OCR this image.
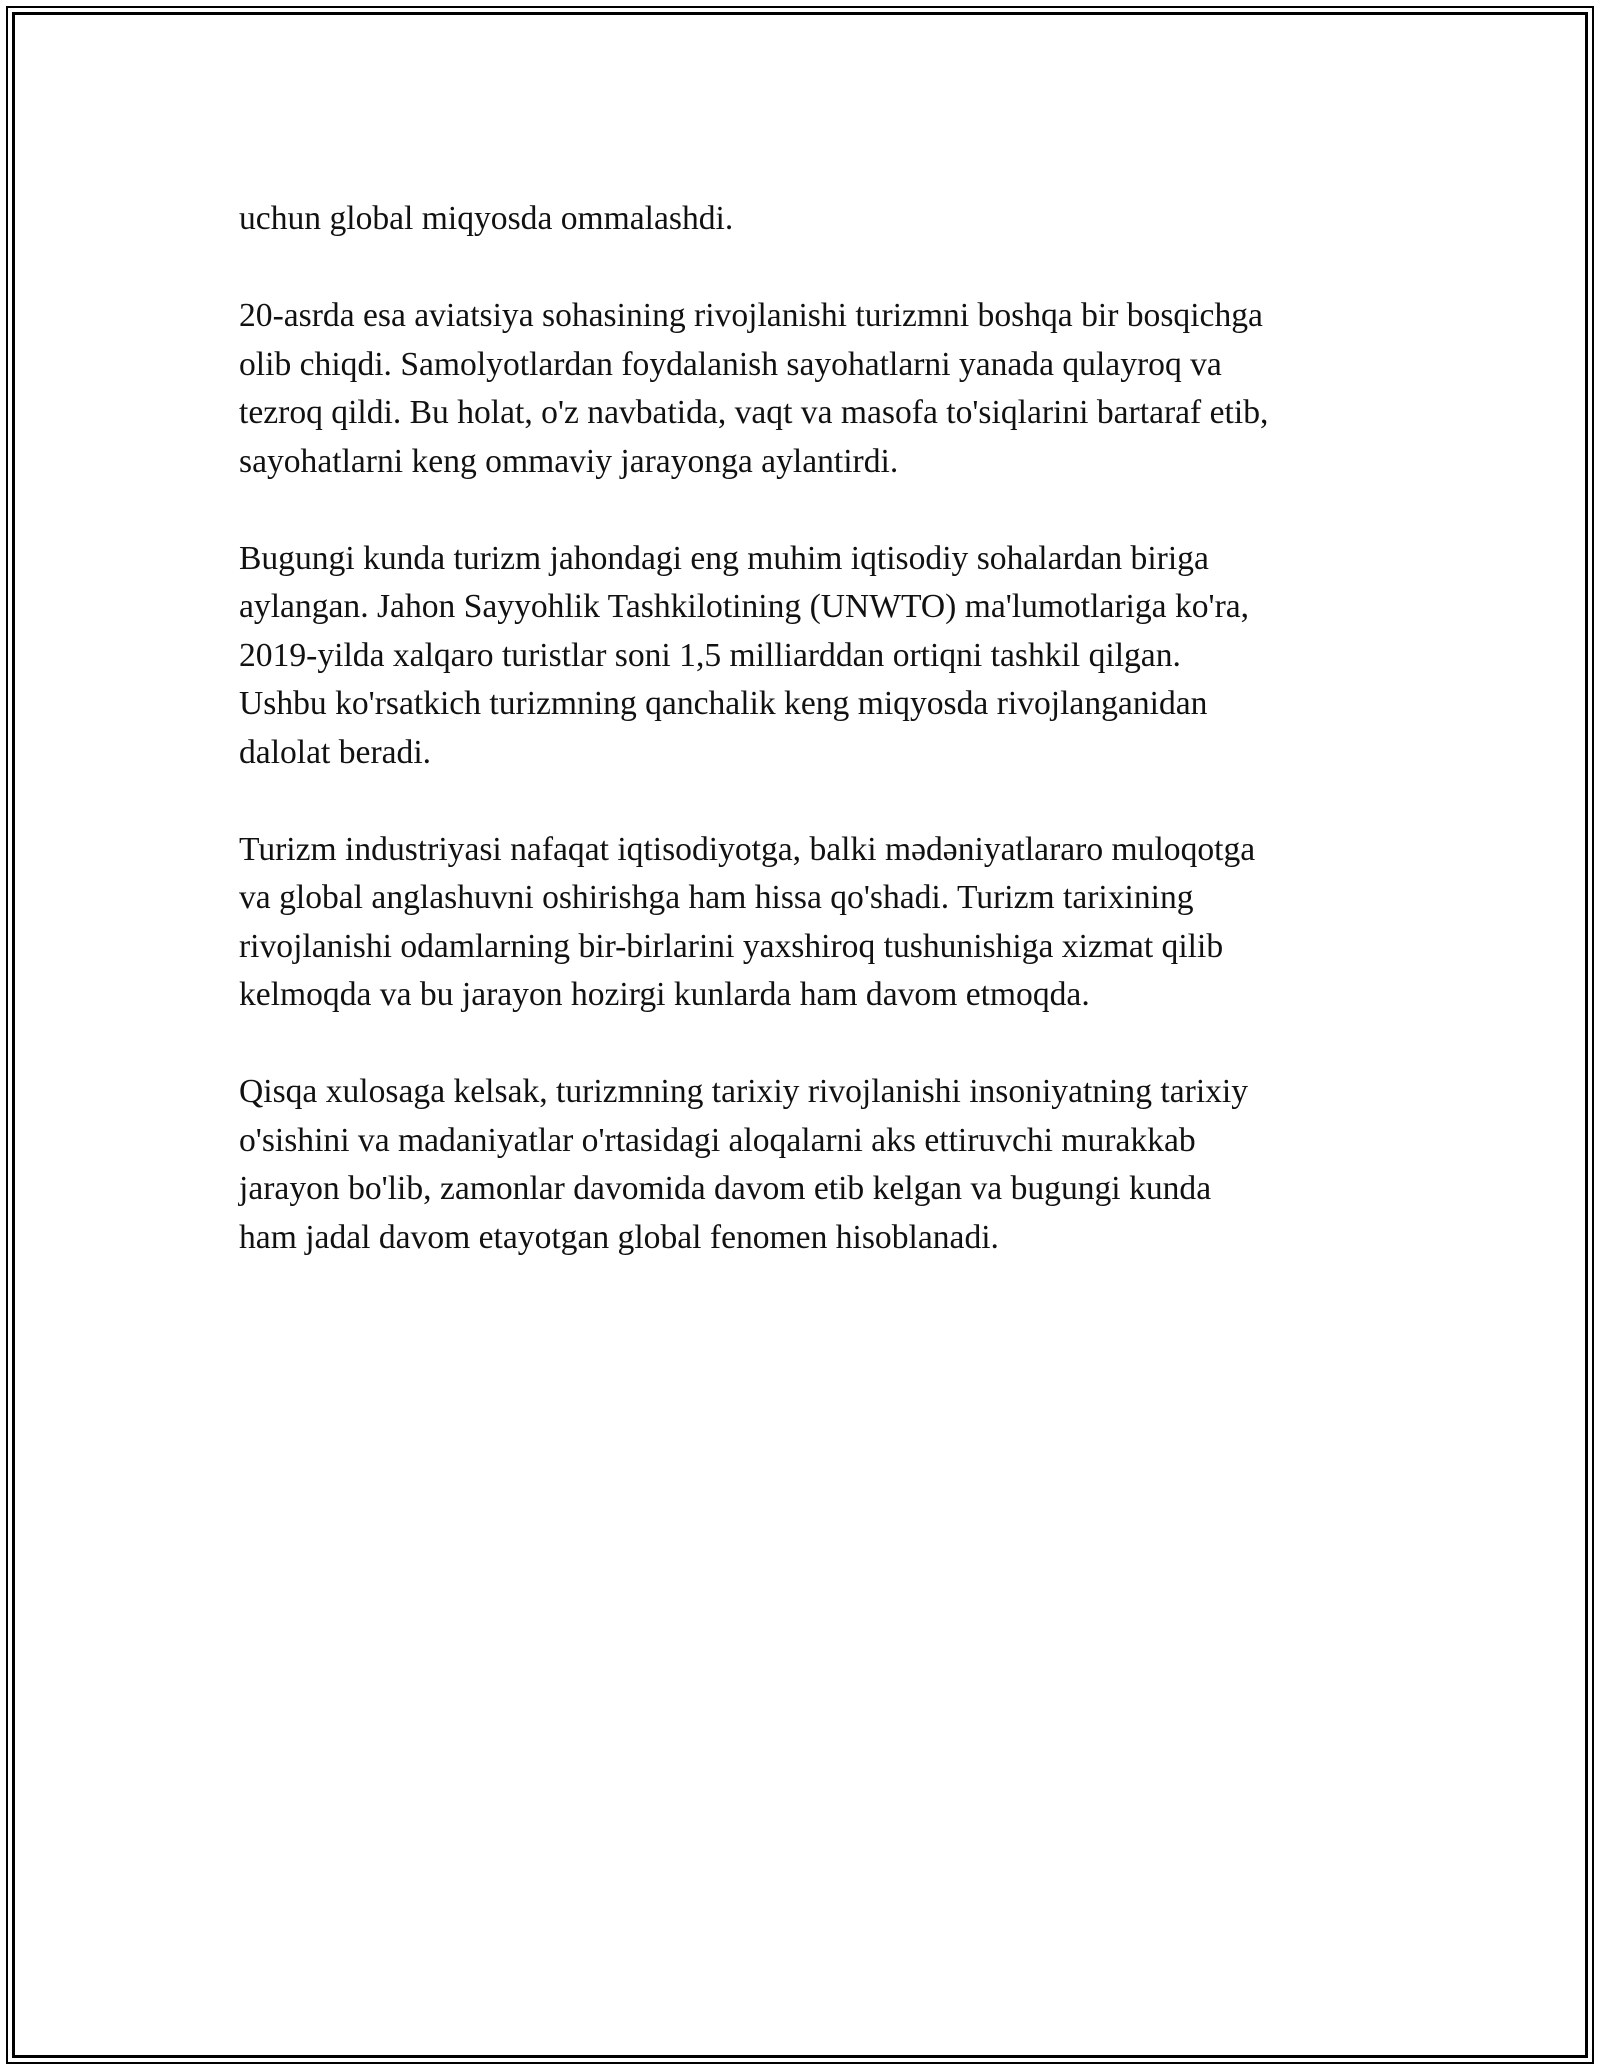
uchun global miqyosda ommalashdi.

20-asrda esa aviatsiya sohasining rivojlanishi turizmni boshqa bir bosqichga
olib chiqdi. Samolyotlardan foydalanish sayohatlarni yanada qulayroq va
tezroq qildi. Bu holat, o'z navbatida, vaqt va masofa to'siqlarini bartaraf etib,
sayohatlarni keng ommaviy jarayonga aylantirdi.

Bugungi kunda turizm jahondagi eng muhim iqtisodiy sohalardan biriga
aylangan. Jahon Sayyohlik Tashkilotining (UNWTO) ma'lumotlariga ko'ra,
2019-yilda xalqaro turistlar soni 1,5 milliarddan ortiqni tashkil qilgan.
Ushbu ko'rsatkich turizmning qanchalik keng miqyosda rivojlanganidan
dalolat beradi.

Turizm industriyasi nafaqat iqtisodiyotga, balki mədəniyatlararo muloqotga
va global anglashuvni oshirishga ham hissa qo'shadi. Turizm tarixining
rivojlanishi odamlarning bir-birlarini yaxshiroq tushunishiga xizmat qilib
kelmoqda va bu jarayon hozirgi kunlarda ham davom etmoqda.

Qisqa xulosaga kelsak, turizmning tarixiy rivojlanishi insoniyatning tarixiy
o'sishini va madaniyatlar o'rtasidagi aloqalarni aks ettiruvchi murakkab
jarayon bo'lib, zamonlar davomida davom etib kelgan va bugungi kunda
ham jadal davom etayotgan global fenomen hisoblanadi.
